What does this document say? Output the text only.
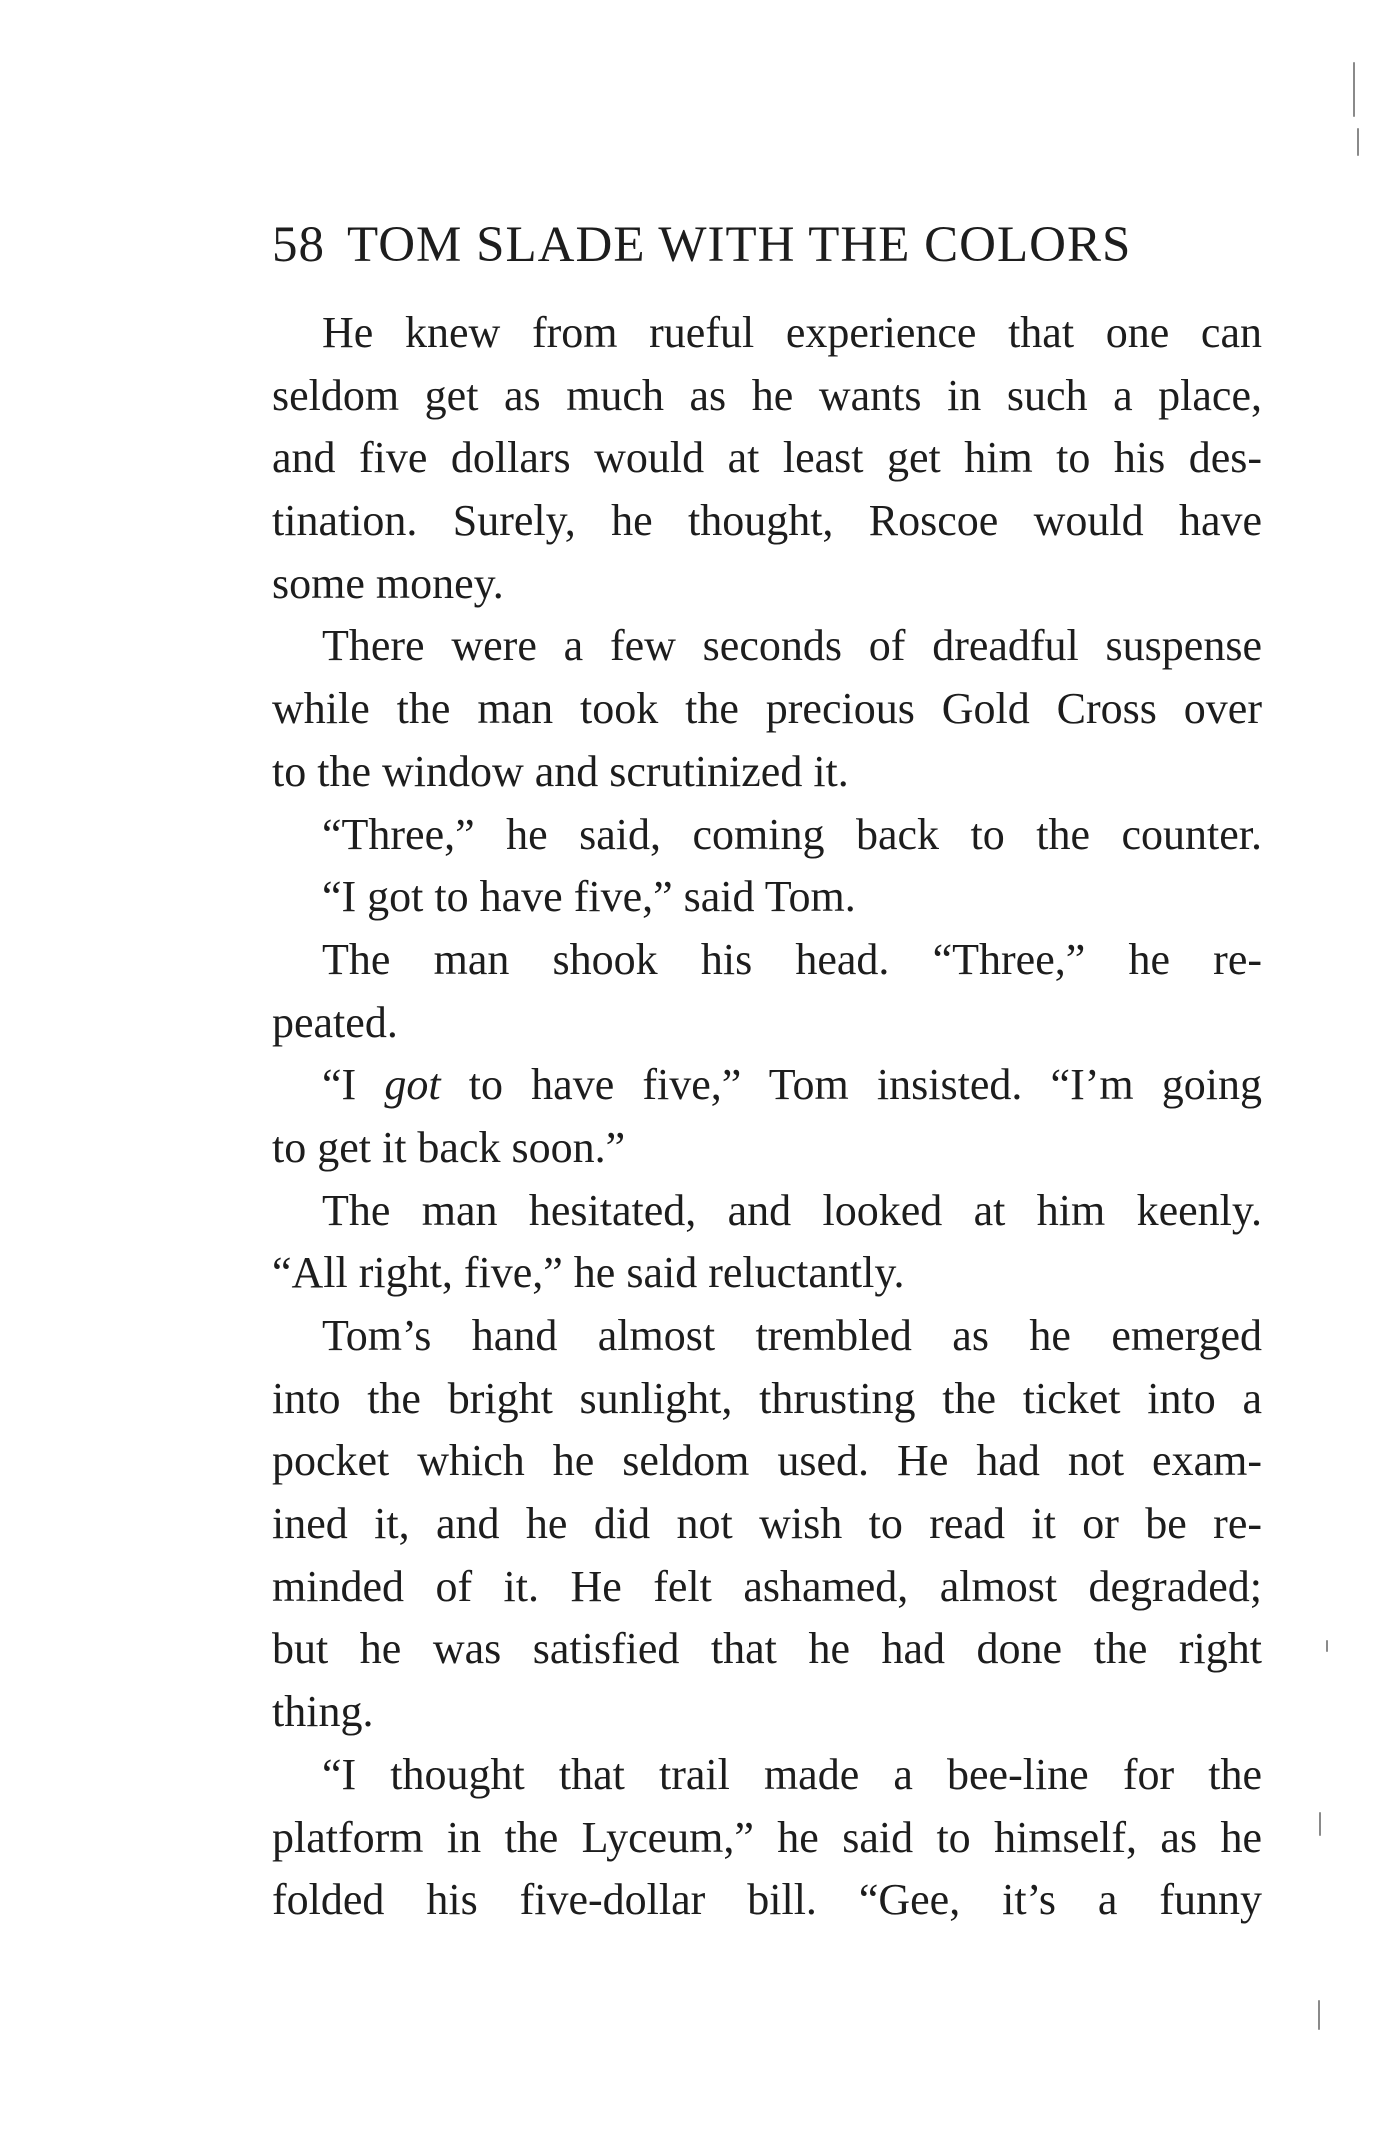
58 TOM SLADE WITH THE COLORS
He knew from rueful experience that one can
seldom get as much as he wants in such a place,
and five dollars would at least get him to his des-
tination. Surely, he thought, Roscoe would have
some money.
There were a few seconds of dreadful suspense
while the man took the precious Gold Cross over
to the window and scrutinized it.
“Three,” he said, coming back to the counter.
“I got to have five,” said Tom.
The man shook his head. “Three,” he re-
peated.
“I got to have five,” Tom insisted. “I’m going
to get it back soon.”
The man hesitated, and looked at him keenly.
“All right, five,” he said reluctantly.
Tom’s hand almost trembled as he emerged
into the bright sunlight, thrusting the ticket into a
pocket which he seldom used. He had not exam-
ined it, and he did not wish to read it or be re-
minded of it. He felt ashamed, almost degraded;
but he was satisfied that he had done the right
thing.
“I thought that trail made a bee-line for the
platform in the Lyceum,” he said to himself, as he
folded his five-dollar bill. “Gee, it’s a funny
